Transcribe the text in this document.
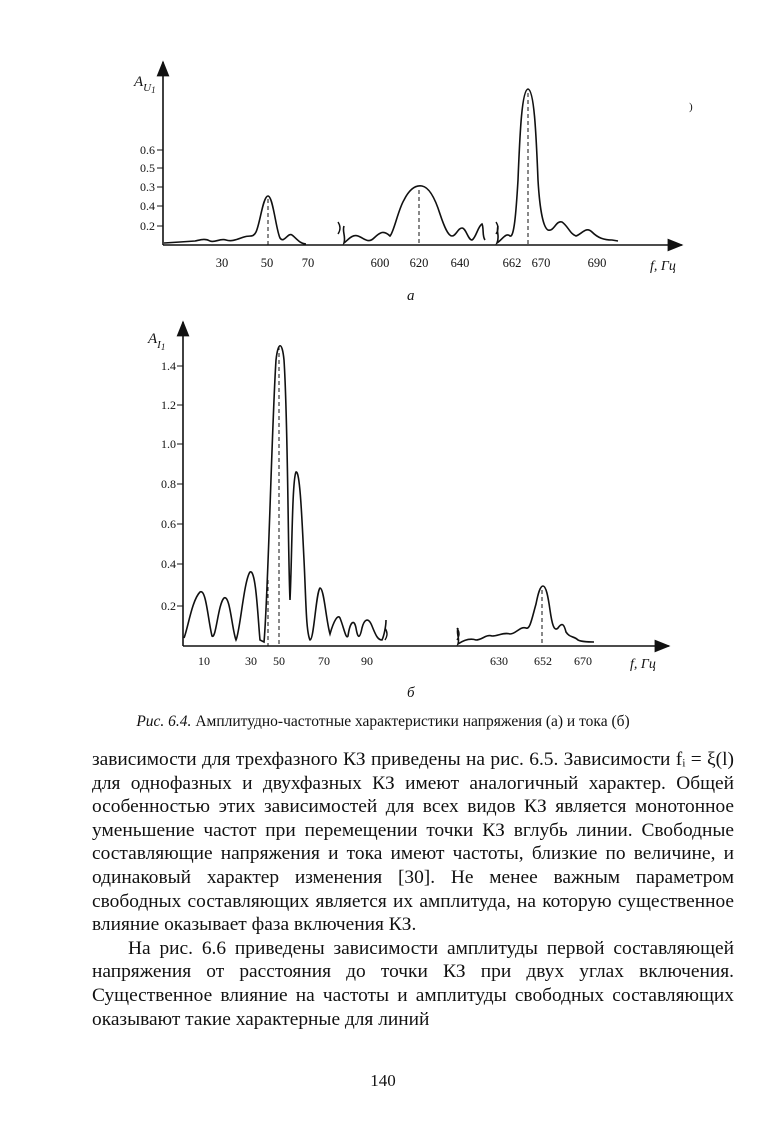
$A_U1$
0.6
0.5
0.3
0.4
0.2
30	50 70	600 620 640	662 670	690	f, Гц
а
)
$A_I1$
1.4
1.2
1.0
0.8
0.6
0.4
0.2
10	30 50	70	90	630 652 670	f, Гц
б
Рис. 6.4. Амплитудно-частотные характеристики напряжения (а) и тока (б)

зависимости для трехфазного КЗ приведены на рис. 6.5. Зависимости fᵢ = ξ(l) для однофазных и двухфазных КЗ имеют аналогичный характер. Общей особенностью этих зависимостей для всех видов КЗ является монотонное уменьшение частот при перемещении точки КЗ вглубь линии. Свободные составляющие напряжения и тока имеют частоты, близкие по величине, и одинаковый характер изменения [30]. Не менее важным параметром свободных составляющих является их амплитуда, на которую существенное влияние оказывает фаза включения КЗ.

На рис. 6.6 приведены зависимости амплитуды первой составляющей напряжения от расстояния до точки КЗ при двух углах включения. Существенное влияние на частоты и амплитуды свободных составляющих оказывают такие характерные для линий

140
